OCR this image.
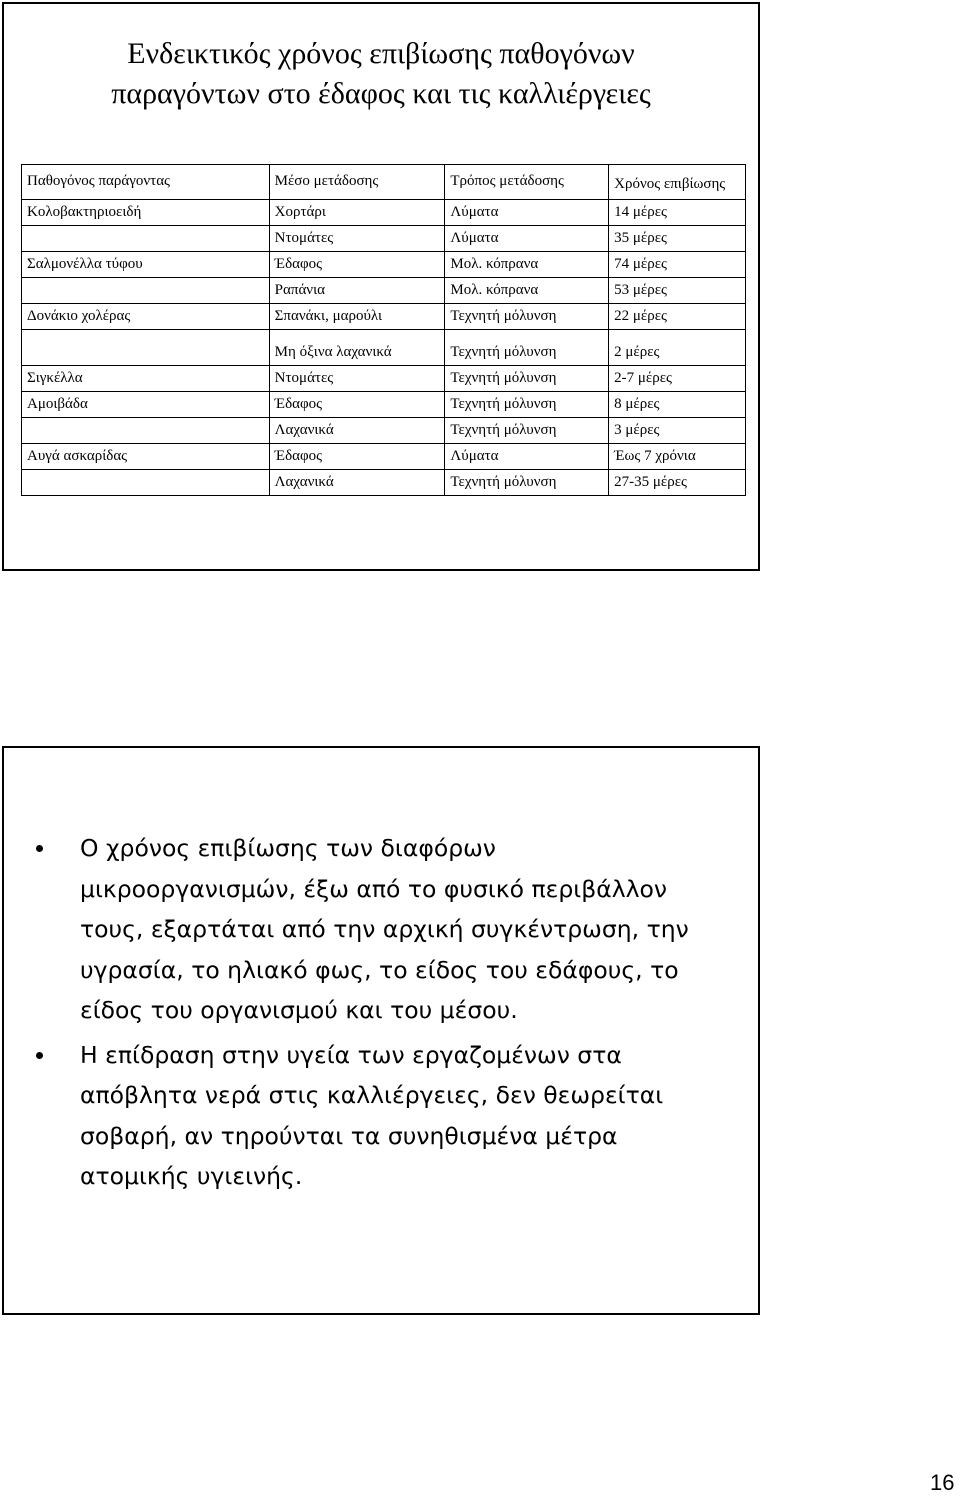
Ενδεικτικός χρόνος επιβίωσης παθογόνων
παραγόντων στο έδαφος και τις καλλιέργειες
Παθογόνος παράγοντας	Μέσο μετάδοσης	Τρόπος μετάδοσης	Χρόνος επιβίωσης
Κολοβακτηριοειδή	Χορτάρι	Λύματα	14 μέρες
	Ντομάτες	Λύματα	35 μέρες
Σαλμονέλλα τύφου	Έδαφος	Μολ. κόπρανα	74 μέρες
	Ραπάνια	Μολ. κόπρανα	53 μέρες
Δονάκιο χολέρας	Σπανάκι, μαρούλι	Τεχνητή μόλυνση	22 μέρες
	Μη όξινα λαχανικά	Τεχνητή μόλυνση	2 μέρες
Σιγκέλλα	Ντομάτες	Τεχνητή μόλυνση	2-7 μέρες
Αμοιβάδα	Έδαφος	Τεχνητή μόλυνση	8 μέρες
	Λαχανικά	Τεχνητή μόλυνση	3 μέρες
Αυγά ασκαρίδας	Έδαφος	Λύματα	Έως 7 χρόνια
	Λαχανικά	Τεχνητή μόλυνση	27-35 μέρες
Ο χρόνος επιβίωσης των διαφόρων μικροοργανισμών, έξω από το φυσικό περιβάλλον τους, εξαρτάται από την αρχική συγκέντρωση, την υγρασία, το ηλιακό φως, το είδος του εδάφους, το είδος του οργανισμού και του μέσου.
Η επίδραση στην υγεία των εργαζομένων στα απόβλητα νερά στις καλλιέργειες, δεν θεωρείται σοβαρή, αν τηρούνται τα συνηθισμένα μέτρα ατομικής υγιεινής.
16
